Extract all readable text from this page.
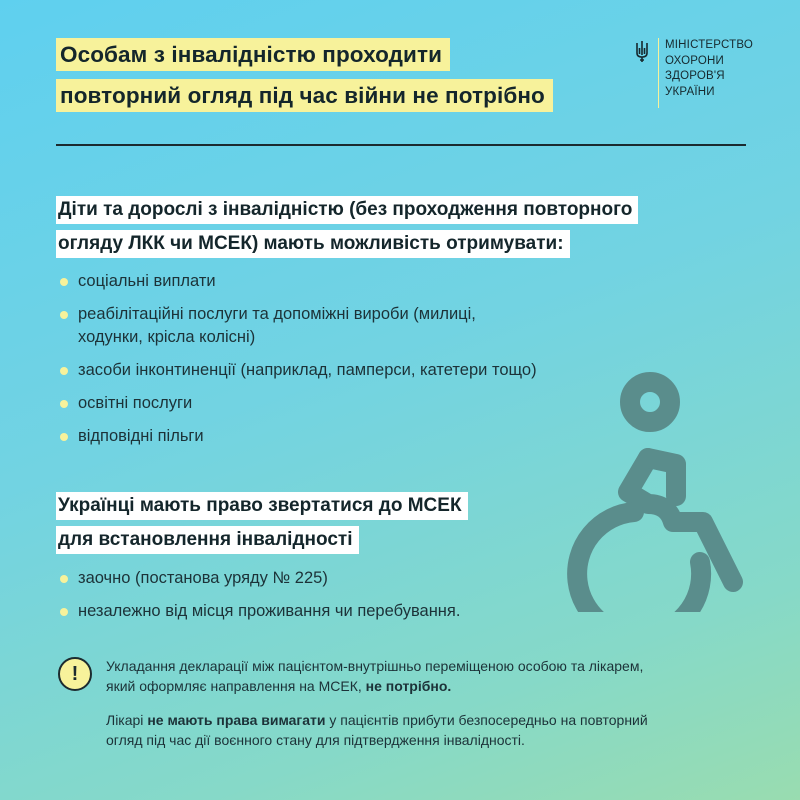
Особам з інвалідністю проходити
повторний огляд під час війни не потрібно
МІНІСТЕРСТВО
ОХОРОНИ
ЗДОРОВ'Я
УКРАЇНИ
Діти та дорослі з інвалідністю (без проходження повторного
огляду ЛКК чи МСЕК) мають можливість отримувати:
соціальні виплати
реабілітаційні послуги та допоміжні вироби (милиці,
ходунки, крісла колісні)
засоби інконтиненції (наприклад, памперси, катетери тощо)
освітні послуги
відповідні пільги
Українці мають право звертатися до МСЕК
для встановлення інвалідності
заочно (постанова уряду № 225)
незалежно від місця проживання чи перебування.
! Укладання декларації між пацієнтом-внутрішньо переміщеною особою та лікарем,
який оформляє направлення на МСЕК, не потрібно.
Лікарі не мають права вимагати у пацієнтів прибути безпосередньо на повторний
огляд під час дії воєнного стану для підтвердження інвалідності.
